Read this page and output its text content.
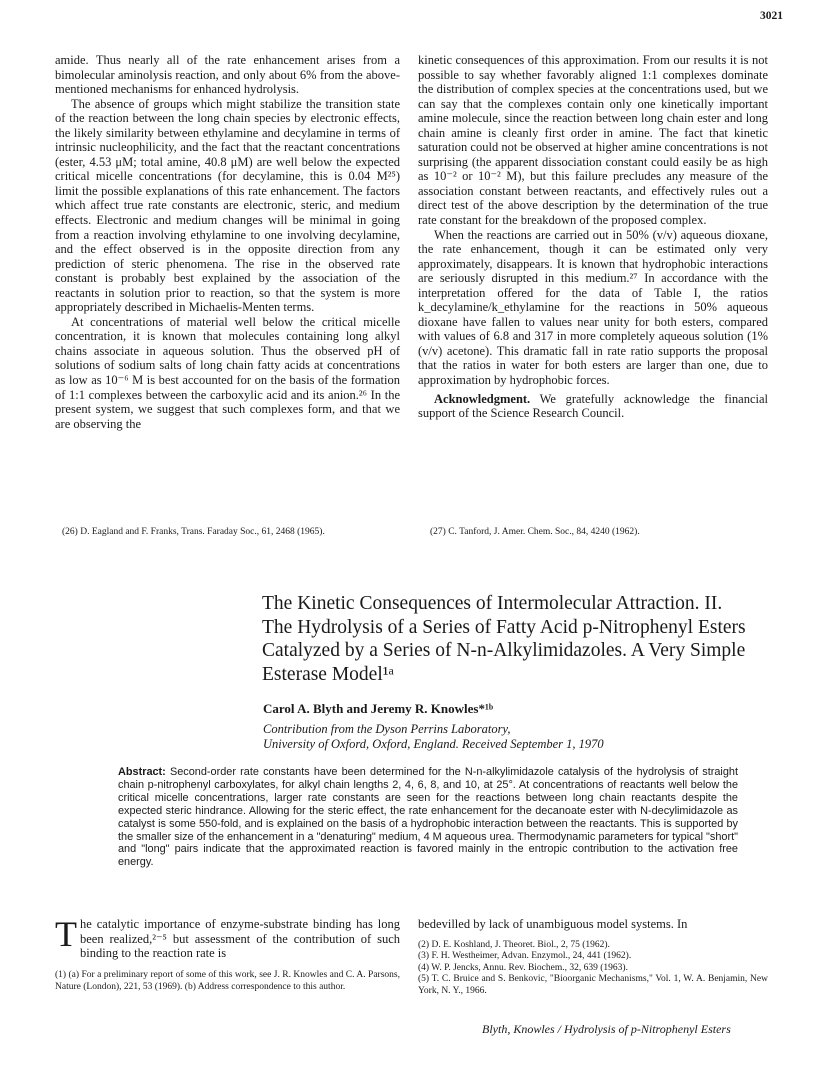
3021

amide. Thus nearly all of the rate enhancement arises from a bimolecular aminolysis reaction, and only about 6% from the above-mentioned mechanisms for enhanced hydrolysis.

The absence of groups which might stabilize the transition state of the reaction between the long chain species by electronic effects, the likely similarity between ethylamine and decylamine in terms of intrinsic nucleophilicity, and the fact that the reactant concentrations (ester, 4.53 μM; total amine, 40.8 μM) are well below the expected critical micelle concentrations (for decylamine, this is 0.04 M²⁵) limit the possible explanations of this rate enhancement. The factors which affect true rate constants are electronic, steric, and medium effects. Electronic and medium changes will be minimal in going from a reaction involving ethylamine to one involving decylamine, and the effect observed is in the opposite direction from any prediction of steric phenomena. The rise in the observed rate constant is probably best explained by the association of the reactants in solution prior to reaction, so that the system is more appropriately described in Michaelis-Menten terms.

At concentrations of material well below the critical micelle concentration, it is known that molecules containing long alkyl chains associate in aqueous solution. Thus the observed pH of solutions of sodium salts of long chain fatty acids at concentrations as low as 10⁻⁶ M is best accounted for on the basis of the formation of 1:1 complexes between the carboxylic acid and its anion.²⁶ In the present system, we suggest that such complexes form, and that we are observing the

kinetic consequences of this approximation. From our results it is not possible to say whether favorably aligned 1:1 complexes dominate the distribution of complex species at the concentrations used, but we can say that the complexes contain only one kinetically important amine molecule, since the reaction between long chain ester and long chain amine is cleanly first order in amine. The fact that kinetic saturation could not be observed at higher amine concentrations is not surprising (the apparent dissociation constant could easily be as high as 10⁻² or 10⁻² M), but this failure precludes any measure of the association constant between reactants, and effectively rules out a direct test of the above description by the determination of the true rate constant for the breakdown of the proposed complex.

When the reactions are carried out in 50% (v/v) aqueous dioxane, the rate enhancement, though it can be estimated only very approximately, disappears. It is known that hydrophobic interactions are seriously disrupted in this medium.²⁷ In accordance with the interpretation offered for the data of Table I, the ratios k_decylamine/k_ethylamine for the reactions in 50% aqueous dioxane have fallen to values near unity for both esters, compared with values of 6.8 and 317 in more completely aqueous solution (1% (v/v) acetone). This dramatic fall in rate ratio supports the proposal that the ratios in water for both esters are larger than one, due to approximation by hydrophobic forces.

Acknowledgment. We gratefully acknowledge the financial support of the Science Research Council.

(26) D. Eagland and F. Franks, Trans. Faraday Soc., 61, 2468 (1965).	(27) C. Tanford, J. Amer. Chem. Soc., 84, 4240 (1962).

The Kinetic Consequences of Intermolecular Attraction. II.

The Hydrolysis of a Series of Fatty Acid p-Nitrophenyl Esters

Catalyzed by a Series of N-n-Alkylimidazoles. A Very Simple

Esterase Model¹ᵃ

Carol A. Blyth and Jeremy R. Knowles*¹ᵇ
Contribution from the Dyson Perrins Laboratory,
University of Oxford, Oxford, England. Received September 1, 1970
Abstract: Second-order rate constants have been determined for the N-n-alkylimidazole catalysis of the hydrolysis of straight chain p-nitrophenyl carboxylates, for alkyl chain lengths 2, 4, 6, 8, and 10, at 25°. At concentrations of reactants well below the critical micelle concentrations, larger rate constants are seen for the reactions between long chain reactants despite the expected steric hindrance. Allowing for the steric effect, the rate enhancement for the decanoate ester with N-decylimidazole as catalyst is some 550-fold, and is explained on the basis of a hydrophobic interaction between the reactants. This is supported by the smaller size of the enhancement in a "denaturing" medium, 4 M aqueous urea. Thermodynamic parameters for typical "short" and "long" pairs indicate that the approximated reaction is favored mainly in the entropic contribution to the activation free energy.

The catalytic importance of enzyme-substrate binding has long been realized,²⁻⁵ but assessment of the contribution of such binding to the reaction rate is

(1) (a) For a preliminary report of some of this work, see J. R. Knowles and C. A. Parsons, Nature (London), 221, 53 (1969). (b) Address correspondence to this author.

bedevilled by lack of unambiguous model systems. In

(2) D. E. Koshland, J. Theoret. Biol., 2, 75 (1962).

(3) F. H. Westheimer, Advan. Enzymol., 24, 441 (1962).

(4) W. P. Jencks, Annu. Rev. Biochem., 32, 639 (1963).

(5) T. C. Bruice and S. Benkovic, "Bioorganic Mechanisms," Vol. 1, W. A. Benjamin, New York, N. Y., 1966.

Blyth, Knowles / Hydrolysis of p-Nitrophenyl Esters
